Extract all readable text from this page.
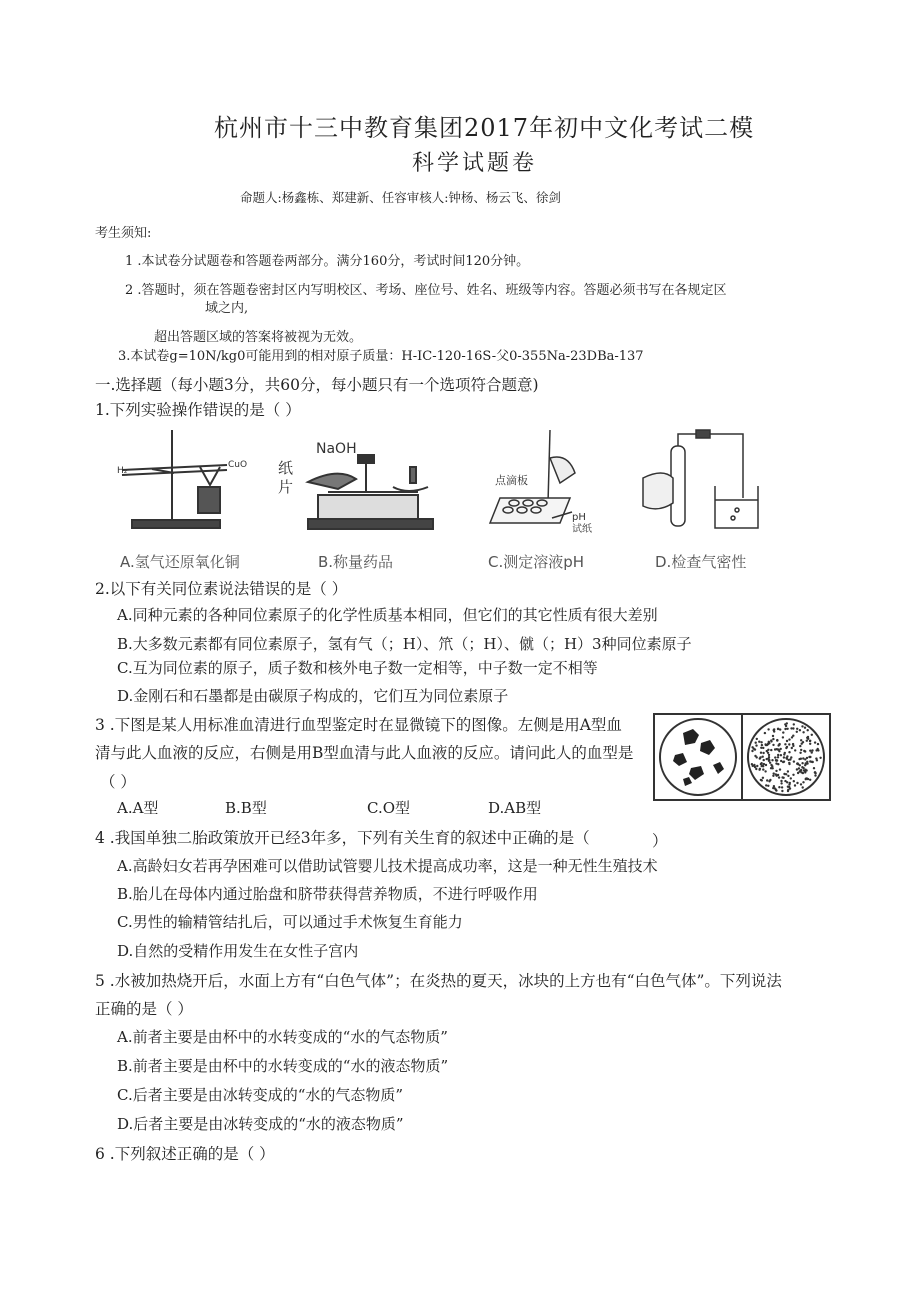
杭州市十三中教育集团2017年初中文化考试二模
科学试题卷
命题人:杨鑫栋、郑建新、任容审核人:钟杨、杨云飞、徐剑
考生须知:
1 .本试卷分试题卷和答题卷两部分。满分160分，考试时间120分钟。
2 .答题时，须在答题卷密封区内写明校区、考场、座位号、姓名、班级等内容。答题必须书写在各规定区
域之内,
超出答题区域的答案将被视为无效。
3.本试卷g=10N/kg0可能用到的相对原子质量：H-IC-120-16S-父0-355Na-23DBa-137
一.选择题（每小题3分，共60分，每小题只有一个选项符合题意)
1.下列实验操作错误的是（ ）
H₂
CuO
NaOH
纸
片	点滴板
pH
试纸
A.氢气还原氧化铜	B.称量药品	C.测定溶液pH	D.检查气密性
2.以下有关同位素说法错误的是（ ）
A.同种元素的各种同位素原子的化学性质基本相同，但它们的其它性质有很大差别
B.大多数元素都有同位素原子，氢有气（；H）、笊（；H）、僦（；H）3种同位素原子
C.互为同位素的原子，质子数和核外电子数一定相等，中子数一定不相等
D.金刚石和石墨都是由碳原子构成的，它们互为同位素原子
3 .下图是某人用标准血清进行血型鉴定时在显微镜下的图像。左侧是用A型血
清与此人血液的反应，右侧是用B型血清与此人血液的反应。请问此人的血型是
（ ）
A.A型	B.B型	C.O型	D.AB型
4 .我国单独二胎政策放开已经3年多，下列有关生育的叙述中正确的是（	）
A.高龄妇女若再孕困难可以借助试管婴儿技术提高成功率，这是一种无性生殖技术
B.胎儿在母体内通过胎盘和脐带获得营养物质，不进行呼吸作用
C.男性的输精管结扎后，可以通过手术恢复生育能力
D.自然的受精作用发生在女性子宫内
5 .水被加热烧开后，水面上方有“白色气体”；在炎热的夏天，冰块的上方也有“白色气体”。下列说法
正确的是（ ）
A.前者主要是由杯中的水转变成的“水的气态物质”
B.前者主要是由杯中的水转变成的“水的液态物质”
C.后者主要是由冰转变成的“水的气态物质”
D.后者主要是由冰转变成的“水的液态物质”
6 .下列叙述正确的是（ ）
